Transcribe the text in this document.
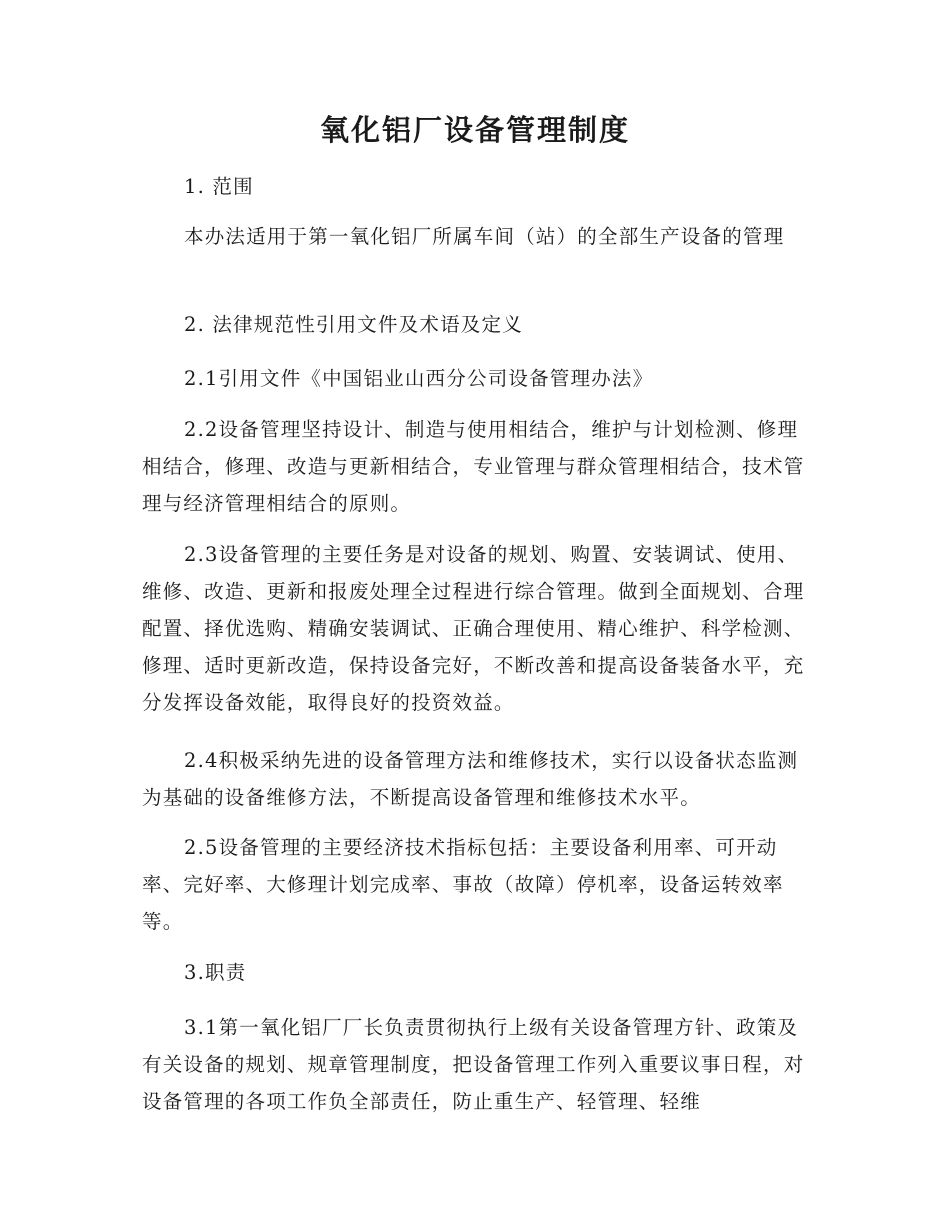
氧化铝厂设备管理制度

1. 范围

本办法适用于第一氧化铝厂所属车间（站）的全部生产设备的管理

2. 法律规范性引用文件及术语及定义

2.1引用文件《中国铝业山西分公司设备管理办法》

2.2设备管理坚持设计、制造与使用相结合，维护与计划检测、修理相结合，修理、改造与更新相结合，专业管理与群众管理相结合，技术管理与经济管理相结合的原则。

2.3设备管理的主要任务是对设备的规划、购置、安装调试、使用、维修、改造、更新和报废处理全过程进行综合管理。做到全面规划、合理配置、择优选购、精确安装调试、正确合理使用、精心维护、科学检测、修理、适时更新改造，保持设备完好，不断改善和提高设备装备水平，充分发挥设备效能，取得良好的投资效益。

2.4积极采纳先进的设备管理方法和维修技术，实行以设备状态监测为基础的设备维修方法，不断提高设备管理和维修技术水平。

2.5设备管理的主要经济技术指标包括：主要设备利用率、可开动率、完好率、大修理计划完成率、事故（故障）停机率，设备运转效率等。

3.职责

3.1第一氧化铝厂厂长负责贯彻执行上级有关设备管理方针、政策及有关设备的规划、规章管理制度，把设备管理工作列入重要议事日程，对设备管理的各项工作负全部责任，防止重生产、轻管理、轻维
